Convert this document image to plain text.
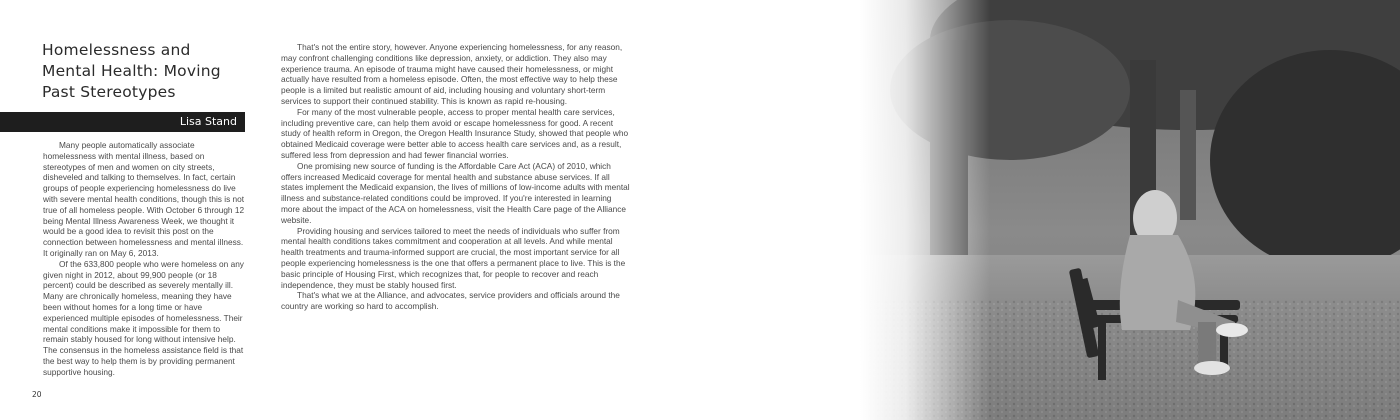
Homelessness and
Mental Health: Moving
Past Stereotypes
Lisa Stand

Many people automatically associate homelessness with mental illness, based on stereotypes of men and women on city streets, disheveled and talking to themselves. In fact, certain groups of people experiencing homelessness do live with severe mental health conditions, though this is not true of all homeless people. With October 6 through 12 being Mental Illness Awareness Week, we thought it would be a good idea to revisit this post on the connection between homelessness and mental illness. It originally ran on May 6, 2013.

Of the 633,800 people who were homeless on any given night in 2012, about 99,900 people (or 18 percent) could be described as severely mentally ill. Many are chronically homeless, meaning they have been without homes for a long time or have experienced multiple episodes of homelessness. Their mental conditions make it impossible for them to remain stably housed for long without intensive help. The consensus in the homeless assistance field is that the best way to help them is by providing permanent supportive housing.

That's not the entire story, however. Anyone experiencing homelessness, for any reason, may confront challenging conditions like depression, anxiety, or addiction. They also may experience trauma. An episode of trauma might have caused their homelessness, or might actually have resulted from a homeless episode. Often, the most effective way to help these people is a limited but realistic amount of aid, including housing and voluntary short-term services to support their continued stability. This is known as rapid re-housing.

For many of the most vulnerable people, access to proper mental health care services, including preventive care, can help them avoid or escape homelessness for good. A recent study of health reform in Oregon, the Oregon Health Insurance Study, showed that people who obtained Medicaid coverage were better able to access health care services and, as a result, suffered less from depression and had fewer financial worries.

One promising new source of funding is the Affordable Care Act (ACA) of 2010, which offers increased Medicaid coverage for mental health and substance abuse services. If all states implement the Medicaid expansion, the lives of millions of low-income adults with mental illness and substance-related conditions could be improved. If you're interested in learning more about the impact of the ACA on homelessness, visit the Health Care page of the Alliance website.

Providing housing and services tailored to meet the needs of individuals who suffer from mental health conditions takes commitment and cooperation at all levels. And while mental health treatments and trauma-informed support are crucial, the most important service for all people experiencing homelessness is the one that offers a permanent place to live. This is the basic principle of Housing First, which recognizes that, for people to recover and reach independence, they must be stably housed first.

That's what we at the Alliance, and advocates, service providers and officials around the country are working so hard to accomplish.

20
